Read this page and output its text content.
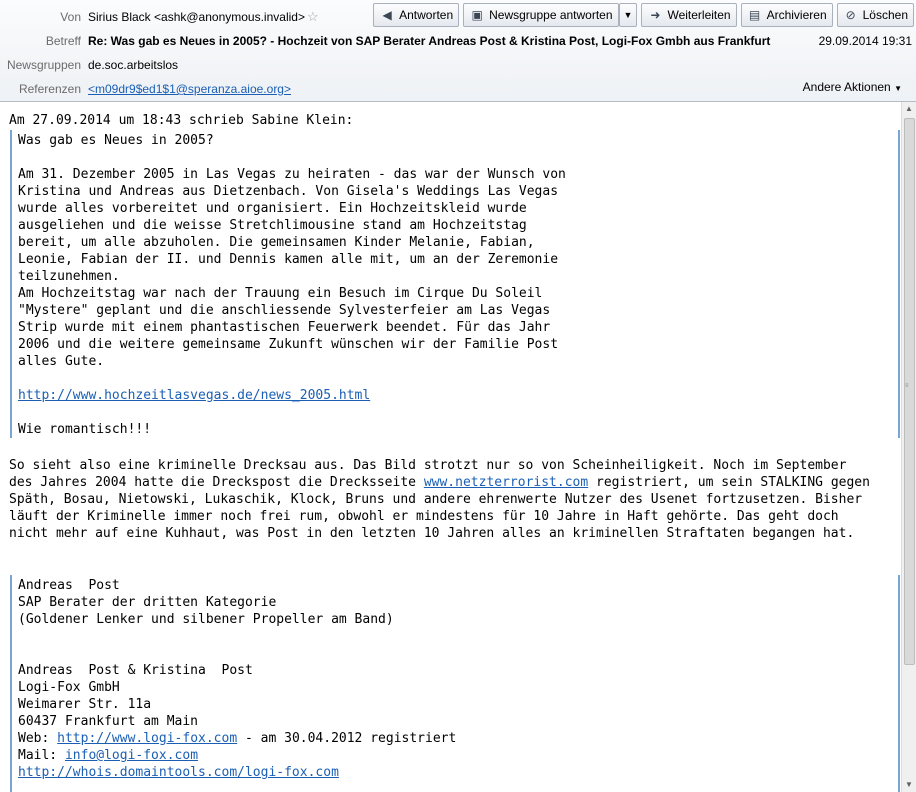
Von Sirius Black <ashk@anonymous.invalid> ☆	◀ Antworten ▣ Newsgruppe antworten ▼ ➜ Weiterleiten ▤ Archivieren ⊘ Löschen
Betreff Re: Was gab es Neues in 2005? - Hochzeit von SAP Berater Andreas Post & Kristina Post, Logi-Fox Gmbh aus Frankfurt	29.09.2014 19:31
Newsgruppen de.soc.arbeitslos
Referenzen <m09dr9$ed1$1@speranza.aioe.org>	Andere Aktionen ▼
Am 27.09.2014 um 18:43 schrieb Sabine Klein:
Was gab es Neues in 2005?

Am 31. Dezember 2005 in Las Vegas zu heiraten - das war der Wunsch von
Kristina und Andreas aus Dietzenbach. Von Gisela's Weddings Las Vegas
wurde alles vorbereitet und organisiert. Ein Hochzeitskleid wurde
ausgeliehen und die weisse Stretchlimousine stand am Hochzeitstag
bereit, um alle abzuholen. Die gemeinsamen Kinder Melanie, Fabian,
Leonie, Fabian der II. und Dennis kamen alle mit, um an der Zeremonie
teilzunehmen.
Am Hochzeitstag war nach der Trauung ein Besuch im Cirque Du Soleil
"Mystere" geplant und die anschliessende Sylvesterfeier am Las Vegas
Strip wurde mit einem phantastischen Feuerwerk beendet. Für das Jahr
2006 und die weitere gemeinsame Zukunft wünschen wir der Familie Post
alles Gute.
http://www.hochzeitlasvegas.de/news_2005.html
Wie romantisch!!!
So sieht also eine kriminelle Drecksau aus. Das Bild strotzt nur so von Scheinheiligkeit. Noch im September
des Jahres 2004 hatte die Dreckspost die Drecksseite www.netzterrorist.com registriert, um sein STALKING gegen
Späth, Bosau, Nietowski, Lukaschik, Klock, Bruns und andere ehrenwerte Nutzer des Usenet fortzusetzen. Bisher
läuft der Kriminelle immer noch frei rum, obwohl er mindestens für 10 Jahre in Haft gehörte. Das geht doch
nicht mehr auf eine Kuhhaut, was Post in den letzten 10 Jahren alles an kriminellen Straftaten begangen hat.
Andreas  Post
SAP Berater der dritten Kategorie
(Goldener Lenker und silbener Propeller am Band)

Andreas  Post & Kristina  Post
Logi-Fox GmbH
Weimarer Str. 11a
60437 Frankfurt am Main
Web: http://www.logi-fox.com - am 30.04.2012 registriert
Mail: info@logi-fox.com
http://whois.domaintools.com/logi-fox.com
▲
≡
▼
